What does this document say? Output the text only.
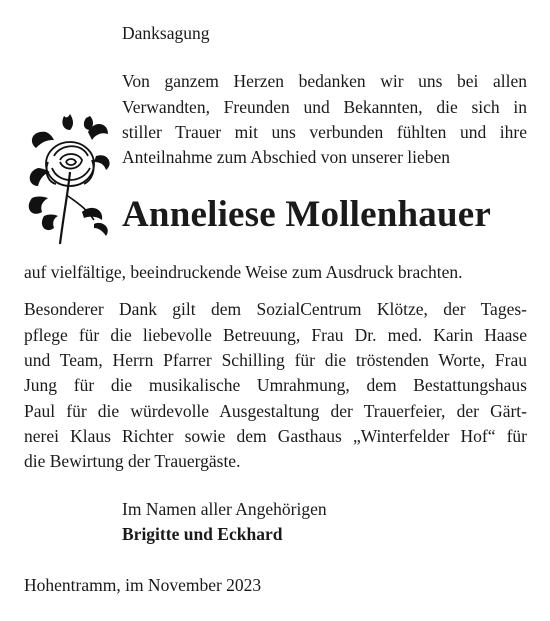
Danksagung
Von ganzem Herzen bedanken wir uns bei allen
Verwandten, Freunden und Bekannten, die sich in
stiller Trauer mit uns verbunden fühlten und ihre
Anteilnahme zum Abschied von unserer lieben
Anneliese Mollenhauer
auf vielfältige, beeindruckende Weise zum Ausdruck brachten.
Besonderer Dank gilt dem SozialCentrum Klötze, der Tages-
pflege für die liebevolle Betreuung, Frau Dr. med. Karin Haase
und Team, Herrn Pfarrer Schilling für die tröstenden Worte, Frau
Jung für die musikalische Umrahmung, dem Bestattungshaus
Paul für die würdevolle Ausgestaltung der Trauerfeier, der Gärt-
nerei Klaus Richter sowie dem Gasthaus „Winterfelder Hof“ für
die Bewirtung der Trauergäste.
Im Namen aller Angehörigen
Brigitte und Eckhard
Hohentramm, im November 2023
